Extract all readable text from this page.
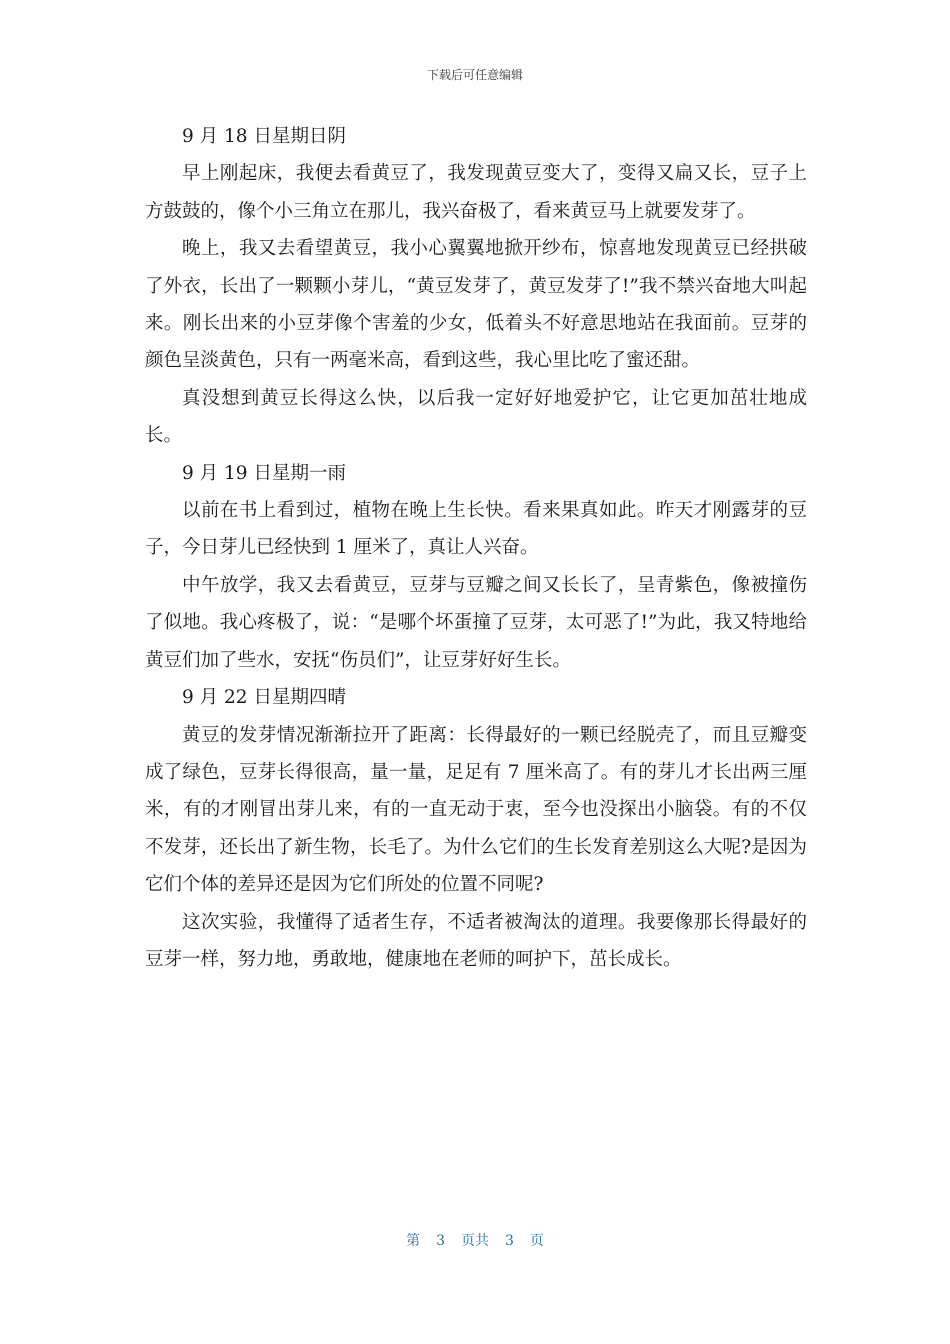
下载后可任意编辑

9 月 18 日星期日阴

早上刚起床，我便去看黄豆了，我发现黄豆变大了，变得又扁又长，豆子上方鼓鼓的，像个小三角立在那儿，我兴奋极了，看来黄豆马上就要发芽了。

晚上，我又去看望黄豆，我小心翼翼地掀开纱布，惊喜地发现黄豆已经拱破了外衣，长出了一颗颗小芽儿，“黄豆发芽了，黄豆发芽了!”我不禁兴奋地大叫起来。刚长出来的小豆芽像个害羞的少女，低着头不好意思地站在我面前。豆芽的颜色呈淡黄色，只有一两毫米高，看到这些，我心里比吃了蜜还甜。

真没想到黄豆长得这么快，以后我一定好好地爱护它，让它更加茁壮地成长。

9 月 19 日星期一雨

以前在书上看到过，植物在晚上生长快。看来果真如此。昨天才刚露芽的豆子，今日芽儿已经快到 1 厘米了，真让人兴奋。

中午放学，我又去看黄豆，豆芽与豆瓣之间又长长了，呈青紫色，像被撞伤了似地。我心疼极了，说：“是哪个坏蛋撞了豆芽，太可恶了!”为此，我又特地给黄豆们加了些水，安抚“伤员们”，让豆芽好好生长。

9 月 22 日星期四晴

黄豆的发芽情况渐渐拉开了距离：长得最好的一颗已经脱壳了，而且豆瓣变成了绿色，豆芽长得很高，量一量，足足有 7 厘米高了。有的芽儿才长出两三厘米，有的才刚冒出芽儿来，有的一直无动于衷，至今也没探出小脑袋。有的不仅不发芽，还长出了新生物，长毛了。为什么它们的生长发育差别这么大呢?是因为它们个体的差异还是因为它们所处的位置不同呢?

这次实验，我懂得了适者生存，不适者被淘汰的道理。我要像那长得最好的豆芽一样，努力地，勇敢地，健康地在老师的呵护下，茁长成长。

第 3 页共 3 页
